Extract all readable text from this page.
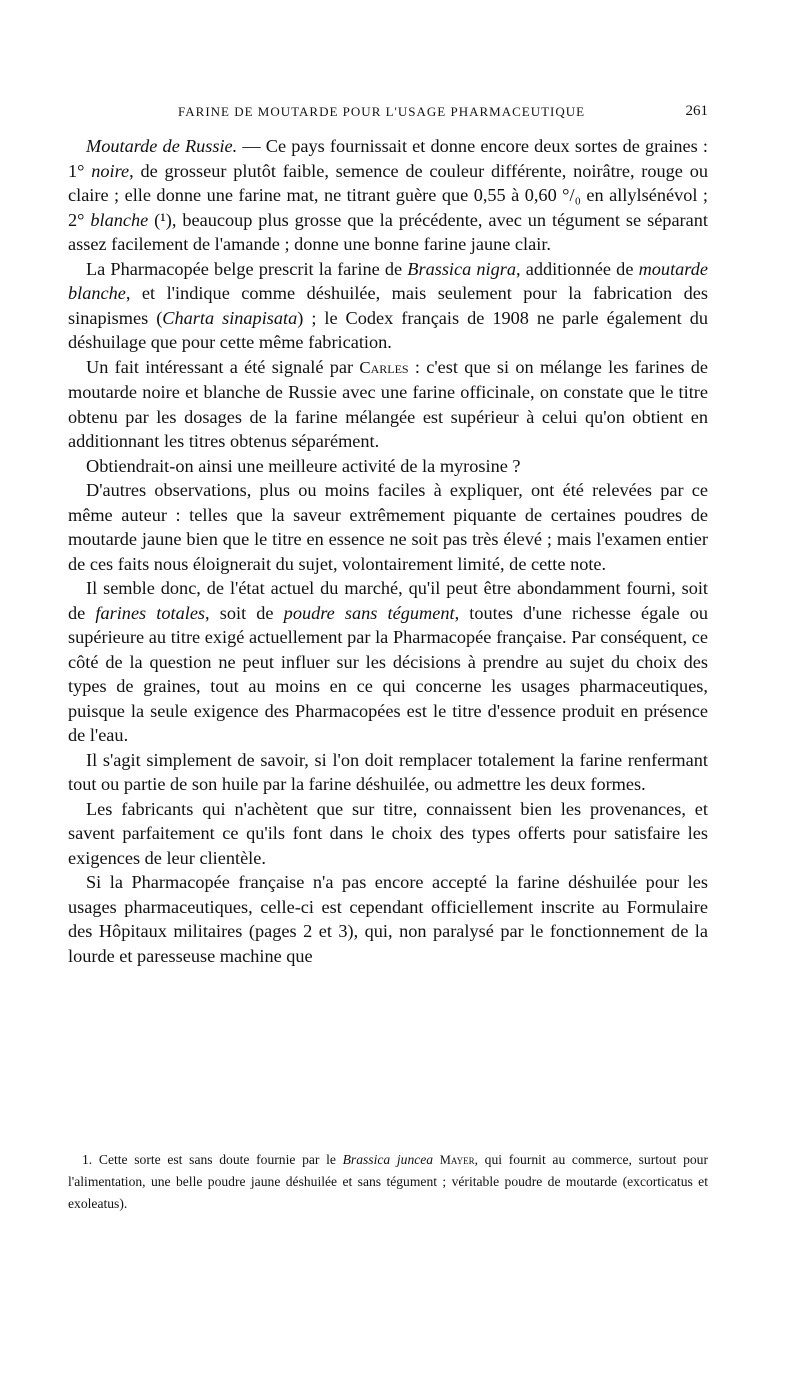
FARINE DE MOUTARDE POUR L'USAGE PHARMACEUTIQUE	261

Moutarde de Russie. — Ce pays fournissait et donne encore deux sortes de graines : 1° noire, de grosseur plutôt faible, semence de couleur différente, noirâtre, rouge ou claire ; elle donne une farine mat, ne titrant guère que 0,55 à 0,60 °/₀ en allylsénévol ; 2° blanche (¹), beaucoup plus grosse que la précédente, avec un tégument se séparant assez facilement de l'amande ; donne une bonne farine jaune clair.

La Pharmacopée belge prescrit la farine de Brassica nigra, additionnée de moutarde blanche, et l'indique comme déshuilée, mais seulement pour la fabrication des sinapismes (Charta sinapisata) ; le Codex français de 1908 ne parle également du déshuilage que pour cette même fabrication.

Un fait intéressant a été signalé par Carles : c'est que si on mélange les farines de moutarde noire et blanche de Russie avec une farine officinale, on constate que le titre obtenu par les dosages de la farine mélangée est supérieur à celui qu'on obtient en additionnant les titres obtenus séparément.

Obtiendrait-on ainsi une meilleure activité de la myrosine ?

D'autres observations, plus ou moins faciles à expliquer, ont été relevées par ce même auteur : telles que la saveur extrêmement piquante de certaines poudres de moutarde jaune bien que le titre en essence ne soit pas très élevé ; mais l'examen entier de ces faits nous éloignerait du sujet, volontairement limité, de cette note.

Il semble donc, de l'état actuel du marché, qu'il peut être abondamment fourni, soit de farines totales, soit de poudre sans tégument, toutes d'une richesse égale ou supérieure au titre exigé actuellement par la Pharmacopée française. Par conséquent, ce côté de la question ne peut influer sur les décisions à prendre au sujet du choix des types de graines, tout au moins en ce qui concerne les usages pharmaceutiques, puisque la seule exigence des Pharmacopées est le titre d'essence produit en présence de l'eau.

Il s'agit simplement de savoir, si l'on doit remplacer totalement la farine renfermant tout ou partie de son huile par la farine déshuilée, ou admettre les deux formes.

Les fabricants qui n'achètent que sur titre, connaissent bien les provenances, et savent parfaitement ce qu'ils font dans le choix des types offerts pour satisfaire les exigences de leur clientèle.

Si la Pharmacopée française n'a pas encore accepté la farine déshuilée pour les usages pharmaceutiques, celle-ci est cependant officiellement inscrite au Formulaire des Hôpitaux militaires (pages 2 et 3), qui, non paralysé par le fonctionnement de la lourde et paresseuse machine que

1. Cette sorte est sans doute fournie par le Brassica juncea Mayer, qui fournit au commerce, surtout pour l'alimentation, une belle poudre jaune déshuilée et sans tégument ; véritable poudre de moutarde (excorticatus et exoleatus).
